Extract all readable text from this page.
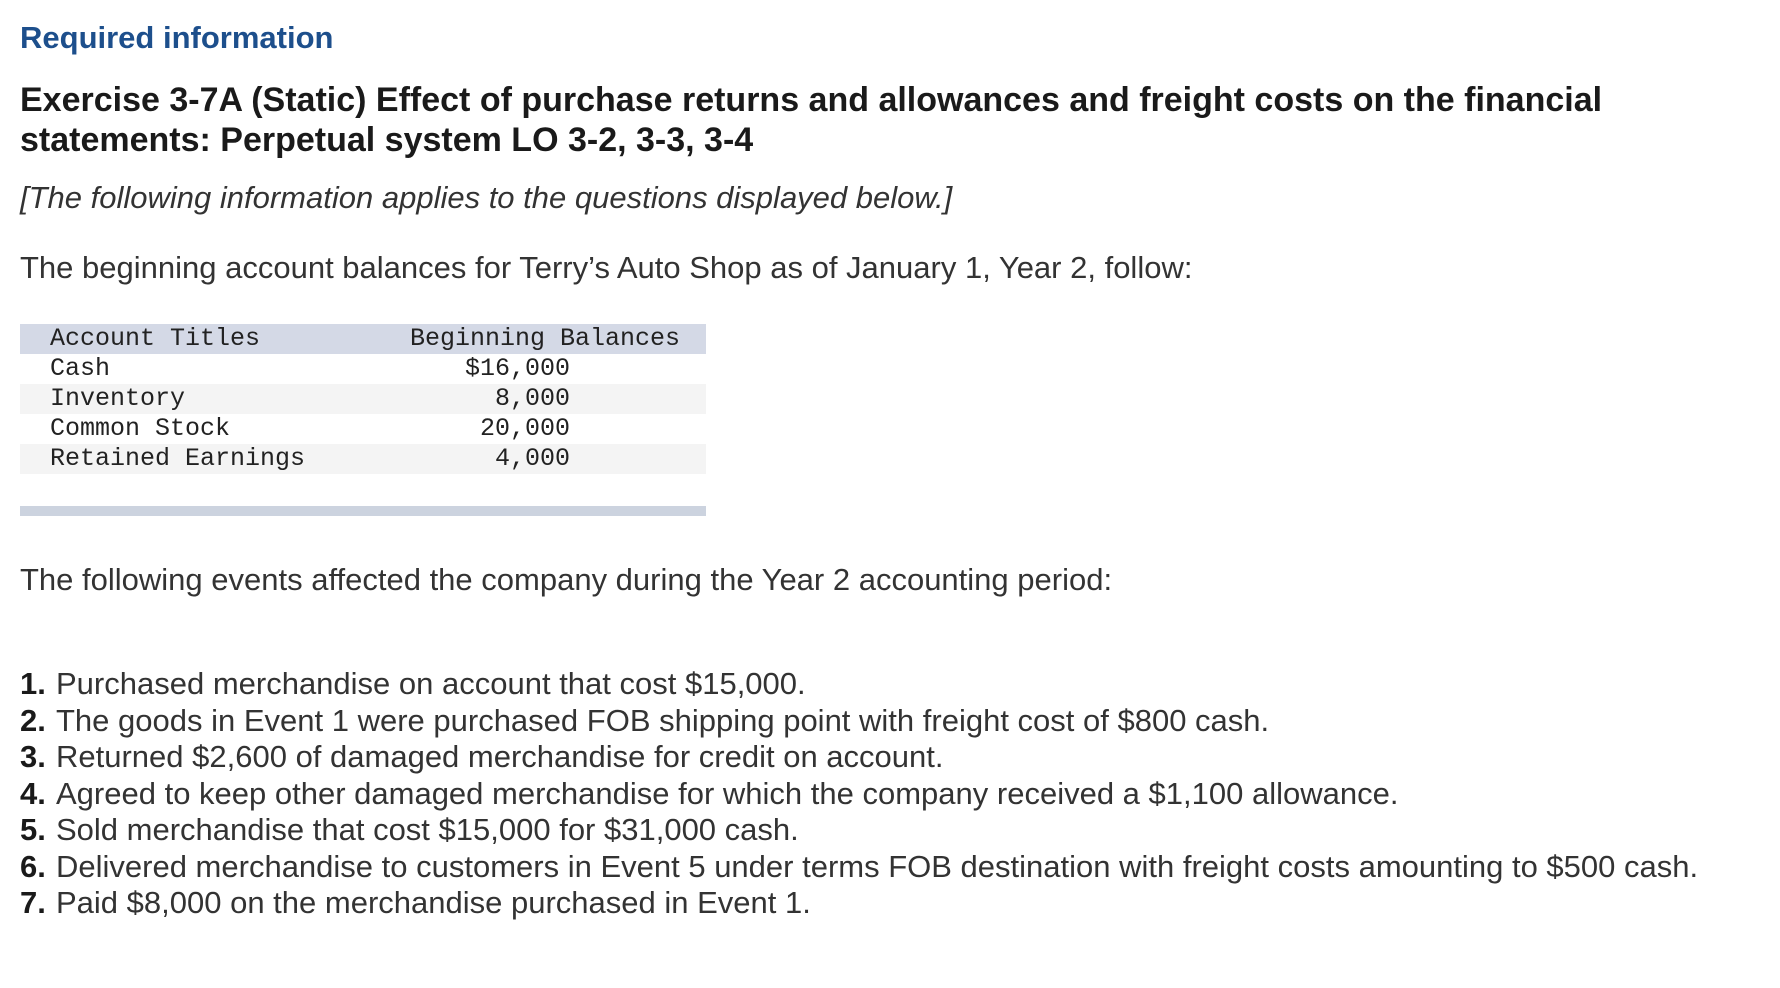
Required information
Exercise 3-7A (Static) Effect of purchase returns and allowances and freight costs on the financial statements: Perpetual system LO 3-2, 3-3, 3-4

[The following information applies to the questions displayed below.]

The beginning account balances for Terry’s Auto Shop as of January 1, Year 2, follow:

Account Titles	Beginning Balances
Cash	$16,000
Inventory	8,000
Common Stock	20,000
Retained Earnings	4,000

The following events affected the company during the Year 2 accounting period:

1. Purchased merchandise on account that cost $15,000.
2. The goods in Event 1 were purchased FOB shipping point with freight cost of $800 cash.
3. Returned $2,600 of damaged merchandise for credit on account.
4. Agreed to keep other damaged merchandise for which the company received a $1,100 allowance.
5. Sold merchandise that cost $15,000 for $31,000 cash.
6. Delivered merchandise to customers in Event 5 under terms FOB destination with freight costs amounting to $500 cash.
7. Paid $8,000 on the merchandise purchased in Event 1.
